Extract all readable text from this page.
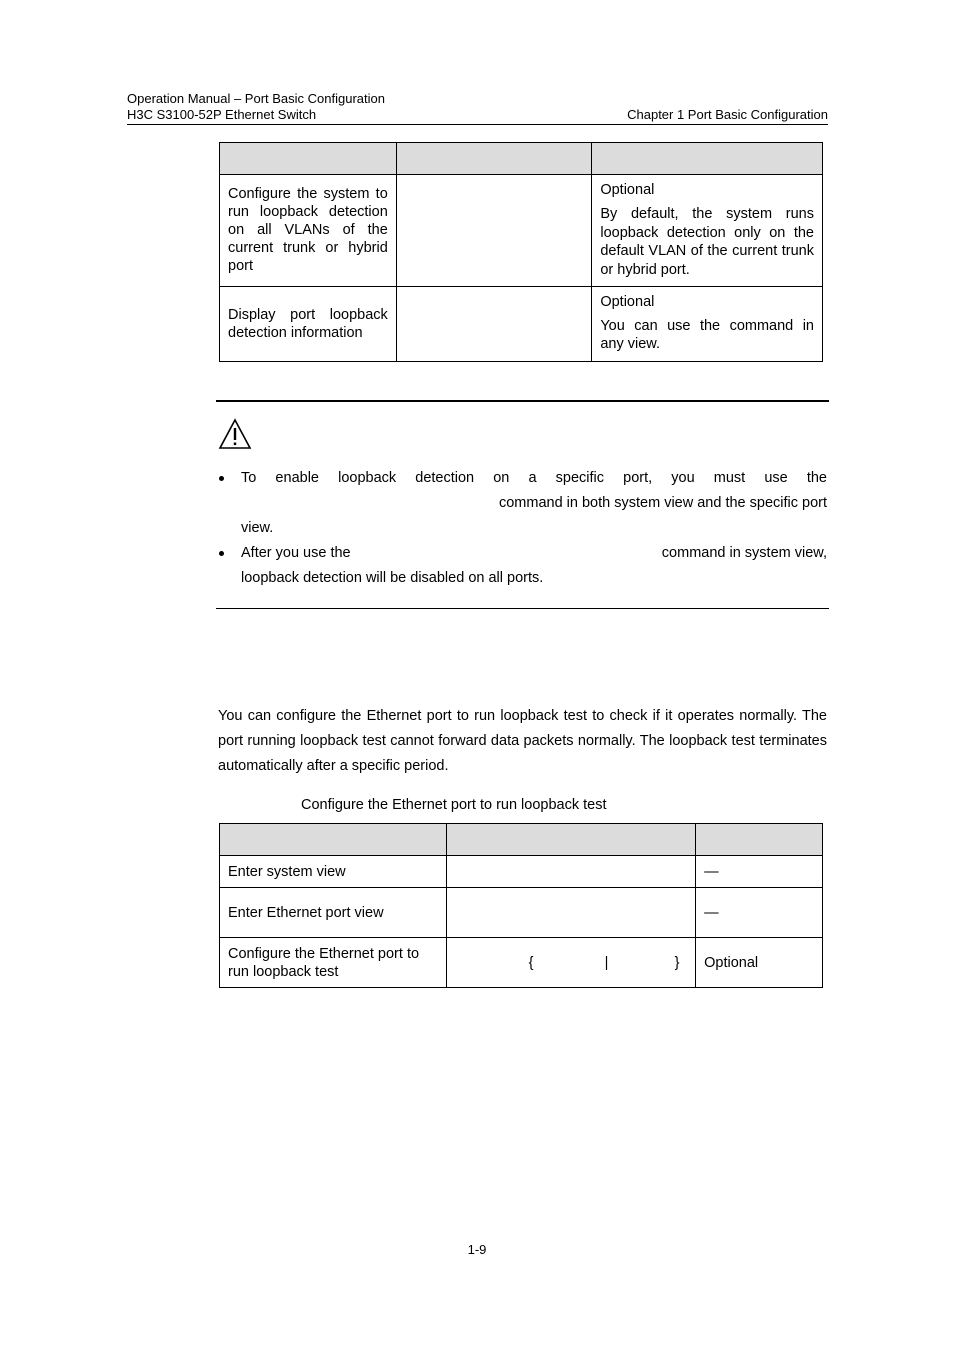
Operation Manual – Port Basic Configuration
H3C S3100-52P Ethernet Switch	Chapter 1 Port Basic Configuration

Configure the system to run loopback detection on all VLANs of the current trunk or hybrid port		Optional
By default, the system runs loopback detection only on the default VLAN of the current trunk or hybrid port.

Display port loopback detection information		Optional
You can use the command in any view.
To enable loopback detection on a specific port, you must use the
command in both system view and the specific port
view.
After you use the	command in system view,
loopback detection will be disabled on all ports.
You can configure the Ethernet port to run loopback test to check if it operates normally. The port running loopback test cannot forward data packets normally. The loopback test terminates automatically after a specific period.
Configure the Ethernet port to run loopback test

Enter system view		—

Enter Ethernet port view		—

Configure the Ethernet port to run loopback test	{ | }	Optional
1-9
